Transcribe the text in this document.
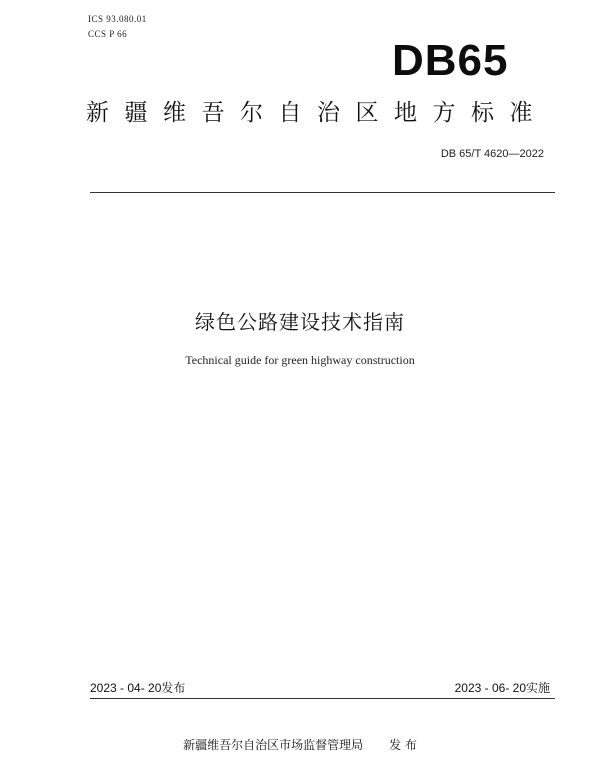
ICS 93.080.01
CCS P 66
DB65
新疆维吾尔自治区地方标准
DB 65/T 4620—2022
绿色公路建设技术指南
Technical guide for green highway construction
2023 - 04- 20发布	2023 - 06- 20实施
新疆维吾尔自治区市场监督管理局 发 布
